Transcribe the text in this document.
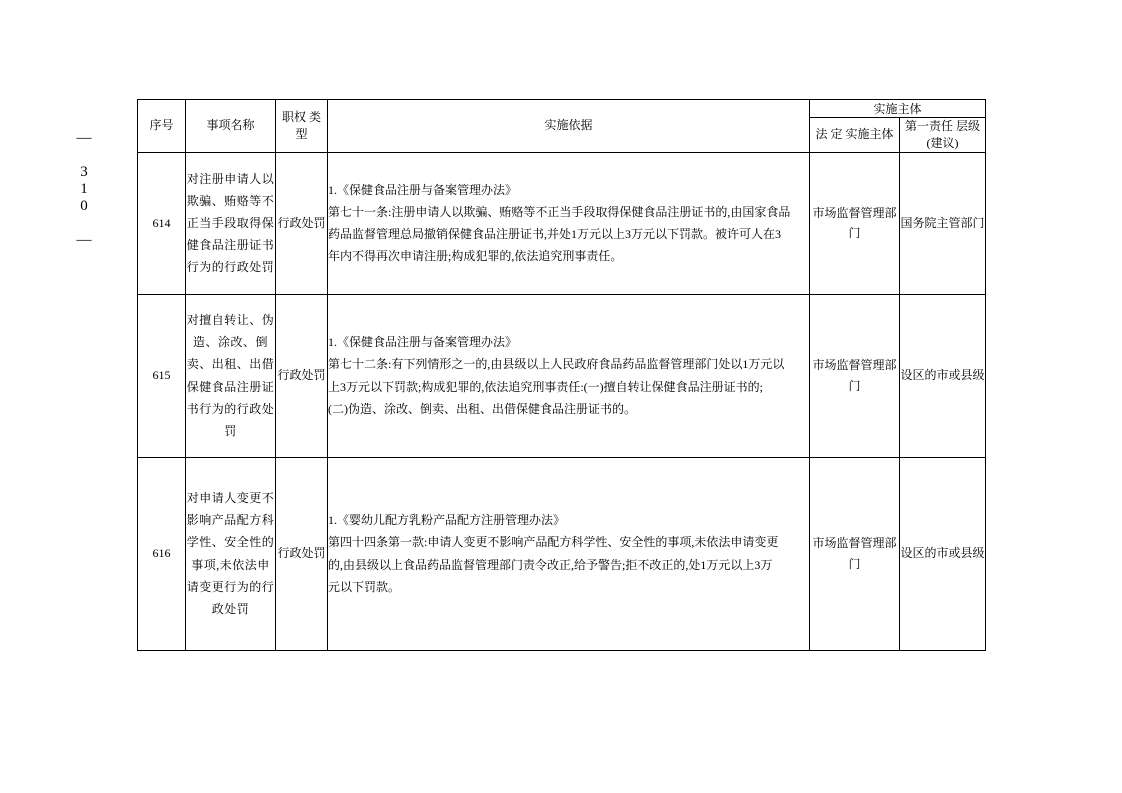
— 310 —
序号	事项名称	职权 类型	实施依据	实施主体	
				法 定 实施主体	第一责任 层级(建议)
614	对注册申请人以欺骗、贿赂等不正当手段取得保健食品注册证书行为的行政处罚	行政处罚	1.《保健食品注册与备案管理办法》
第七十一条:注册申请人以欺骗、贿赂等不正当手段取得保健食品注册证书的,由国家食品
药品监督管理总局撤销保健食品注册证书,并处1万元以上3万元以下罚款。被许可人在3
年内不得再次申请注册;构成犯罪的,依法追究刑事责任。	市场监督管理部门	国务院主管部门
615	对擅自转让、伪造、涂改、倒卖、出租、出借保健食品注册证书行为的行政处罚	行政处罚	1.《保健食品注册与备案管理办法》
第七十二条:有下列情形之一的,由县级以上人民政府食品药品监督管理部门处以1万元以
上3万元以下罚款;构成犯罪的,依法追究刑事责任:(一)擅自转让保健食品注册证书的;
(二)伪造、涂改、倒卖、出租、出借保健食品注册证书的。	市场监督管理部门	设区的市或县级
616	对申请人变更不影响产品配方科学性、安全性的事项,未依法申请变更行为的行政处罚	行政处罚	1.《婴幼儿配方乳粉产品配方注册管理办法》
第四十四条第一款:申请人变更不影响产品配方科学性、安全性的事项,未依法申请变更
的,由县级以上食品药品监督管理部门责令改正,给予警告;拒不改正的,处1万元以上3万
元以下罚款。	市场监督管理部门	设区的市或县级
